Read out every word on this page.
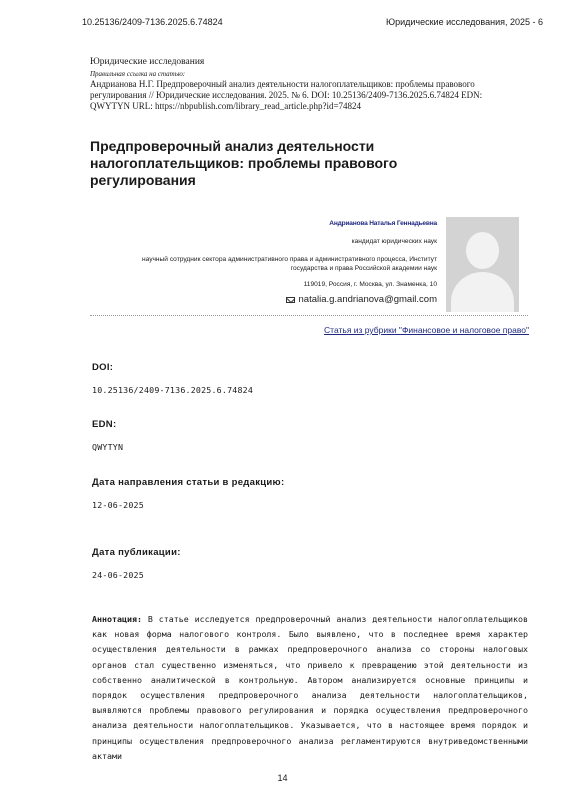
10.25136/2409-7136.2025.6.74824	Юридические исследования, 2025 - 6
Юридические исследования
Правильная ссылка на статью:
Андрианова Н.Г. Предпроверочный анализ деятельности налогоплательщиков: проблемы правового регулирования // Юридические исследования. 2025. № 6. DOI: 10.25136/2409-7136.2025.6.74824 EDN: QWYTYN URL: https://nbpublish.com/library_read_article.php?id=74824
Предпроверочный анализ деятельности налогоплательщиков: проблемы правового регулирования
Андрианова Наталья Геннадьевна
кандидат юридических наук
научный сотрудник сектора административного права и административного процесса, Институт государства и права Российской академии наук
119019, Россия, г. Москва, ул. Знаменка, 10
natalia.g.andrianova@gmail.com
Статья из рубрики "Финансовое и налоговое право"
DOI:
10.25136/2409-7136.2025.6.74824
EDN:
QWYTYN
Дата направления статьи в редакцию:
12-06-2025
Дата публикации:
24-06-2025
Аннотация: В статье исследуется предпроверочный анализ деятельности налогоплательщиков как новая форма налогового контроля. Было выявлено, что в последнее время характер осуществления деятельности в рамках предпроверочного анализа со стороны налоговых органов стал существенно изменяться, что привело к превращению этой деятельности из собственно аналитической в контрольную. Автором анализируется основные принципы и порядок осуществления предпроверочного анализа деятельности налогоплательщиков, выявляются проблемы правового регулирования и порядка осуществления предпроверочного анализа деятельности налогоплательщиков. Указывается, что в настоящее время порядок и принципы осуществления предпроверочного анализа регламентируются внутриведомственными актами
14
